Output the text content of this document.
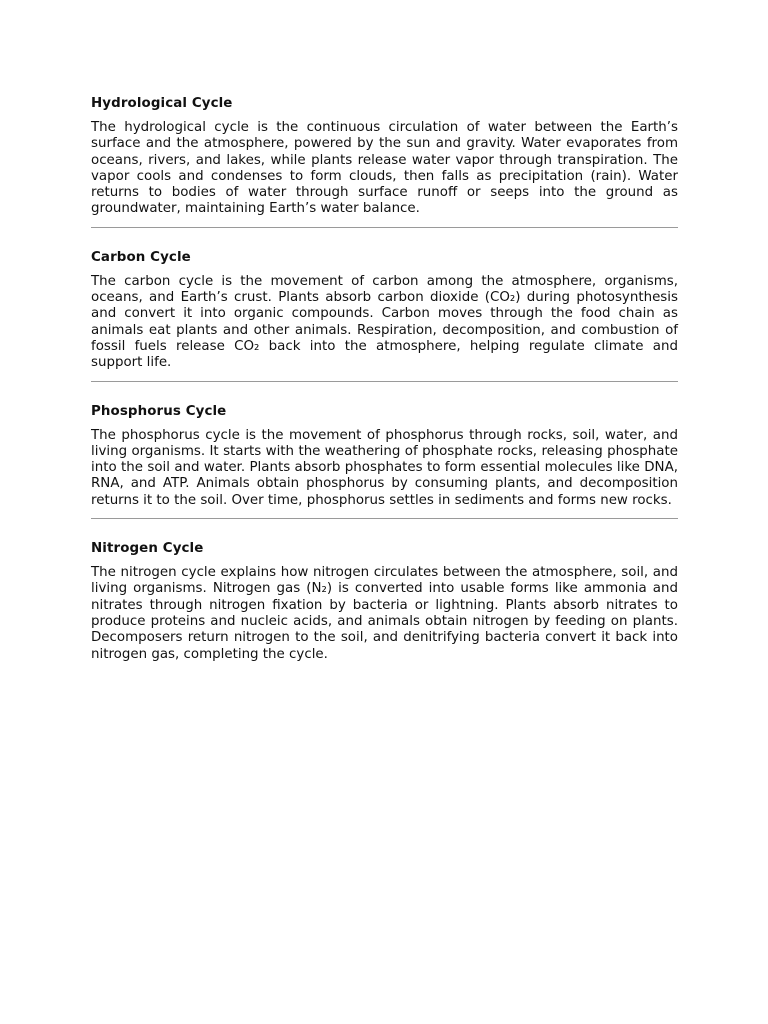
Hydrological Cycle

The hydrological cycle is the continuous circulation of water between the Earth’s surface and the atmosphere, powered by the sun and gravity. Water evaporates from oceans, rivers, and lakes, while plants release water vapor through transpiration. The vapor cools and condenses to form clouds, then falls as precipitation (rain). Water returns to bodies of water through surface runoff or seeps into the ground as groundwater, maintaining Earth’s water balance.

Carbon Cycle

The carbon cycle is the movement of carbon among the atmosphere, organisms, oceans, and Earth’s crust. Plants absorb carbon dioxide (CO₂) during photosynthesis and convert it into organic compounds. Carbon moves through the food chain as animals eat plants and other animals. Respiration, decomposition, and combustion of fossil fuels release CO₂ back into the atmosphere, helping regulate climate and support life.

Phosphorus Cycle

The phosphorus cycle is the movement of phosphorus through rocks, soil, water, and living organisms. It starts with the weathering of phosphate rocks, releasing phosphate into the soil and water. Plants absorb phosphates to form essential molecules like DNA, RNA, and ATP. Animals obtain phosphorus by consuming plants, and decomposition returns it to the soil. Over time, phosphorus settles in sediments and forms new rocks.

Nitrogen Cycle

The nitrogen cycle explains how nitrogen circulates between the atmosphere, soil, and living organisms. Nitrogen gas (N₂) is converted into usable forms like ammonia and nitrates through nitrogen fixation by bacteria or lightning. Plants absorb nitrates to produce proteins and nucleic acids, and animals obtain nitrogen by feeding on plants. Decomposers return nitrogen to the soil, and denitrifying bacteria convert it back into nitrogen gas, completing the cycle.
